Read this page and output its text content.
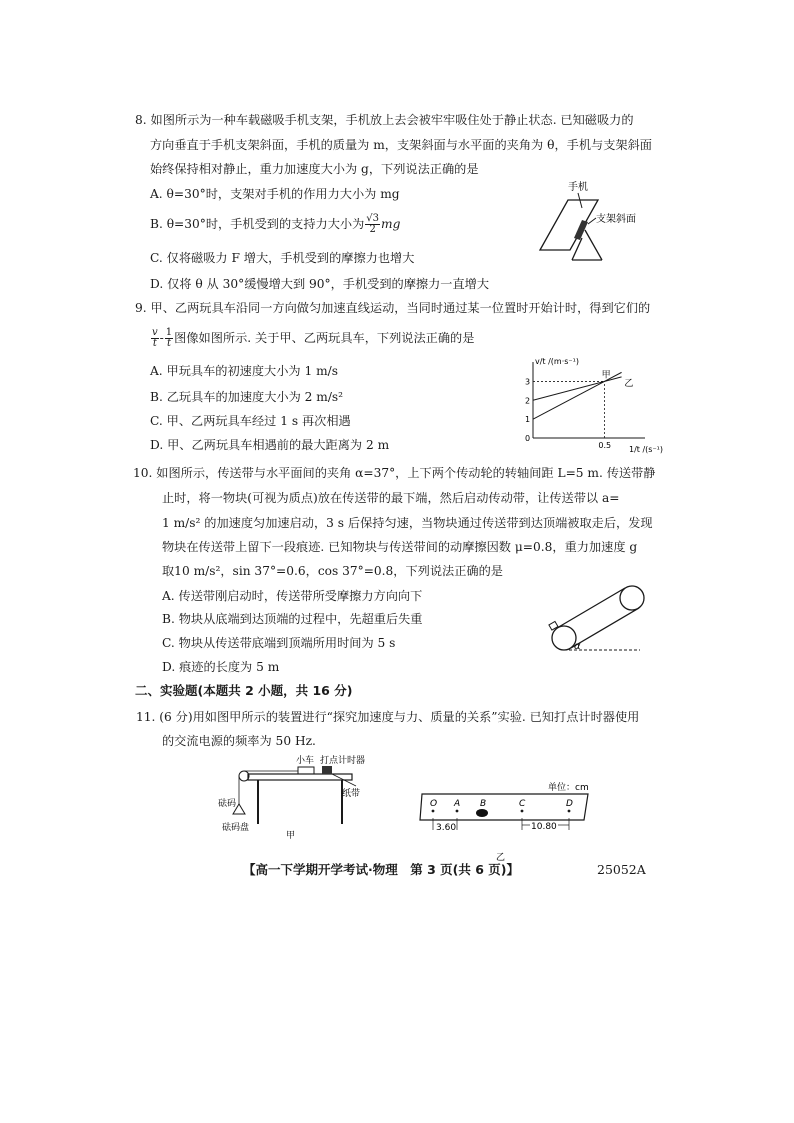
8. 如图所示为一种车载磁吸手机支架，手机放上去会被牢牢吸住处于静止状态. 已知磁吸力的
方向垂直于手机支架斜面，手机的质量为 m，支架斜面与水平面的夹角为 θ，手机与支架斜面
始终保持相对静止，重力加速度大小为 g，下列说法正确的是
A. θ=30°时，支架对手机的作用力大小为 mg
B. θ=30°时，手机受到的支持力大小为 $\frac{√3}{2}$ mg
C. 仅将磁吸力 F 增大，手机受到的摩擦力也增大
D. 仅将 θ 从 30°缓慢增大到 90°，手机受到的摩擦力一直增大
手机
支架斜面
9. 甲、乙两玩具车沿同一方向做匀加速直线运动，当同时通过某一位置时开始计时，得到它们的
$\frac{v}{t} - \frac{1}{t}$ 图像如图所示. 关于甲、乙两玩具车，下列说法正确的是
A. 甲玩具车的初速度大小为 1 m/s
B. 乙玩具车的加速度大小为 2 m/s²
C. 甲、乙两玩具车经过 1 s 再次相遇
D. 甲、乙两玩具车相遇前的最大距离为 2 m
v/t /(m·s⁻¹)
1/t /(s⁻¹)
0
1
2
3
0.5
甲
乙
10. 如图所示，传送带与水平面间的夹角 α=37°，上下两个传动轮的转轴间距 L=5 m. 传送带静
止时，将一物块(可视为质点)放在传送带的最下端，然后启动传动带，让传送带以 a=
1 m/s² 的加速度匀加速启动，3 s 后保持匀速，当物块通过传送带到达顶端被取走后，发现
物块在传送带上留下一段痕迹. 已知物块与传送带间的动摩擦因数 μ=0.8，重力加速度 g
取10 m/s²，sin 37°=0.6，cos 37°=0.8，下列说法正确的是
A. 传送带刚启动时，传送带所受摩擦力方向向下
B. 物块从底端到达顶端的过程中，先超重后失重
C. 物块从传送带底端到顶端所用时间为 5 s
D. 痕迹的长度为 5 m
α
二、实验题(本题共 2 小题，共 16 分)
11. (6 分)用如图甲所示的装置进行“探究加速度与力、质量的关系”实验. 已知打点计时器使用
的交流电源的频率为 50 Hz.
小车 打点计时器
砝码
砝码盘
纸带
甲
单位：cm
O A B	C	D
3.60	10.80
乙
【高一下学期开学考试·物理　第 3 页(共 6 页)】	25052A
